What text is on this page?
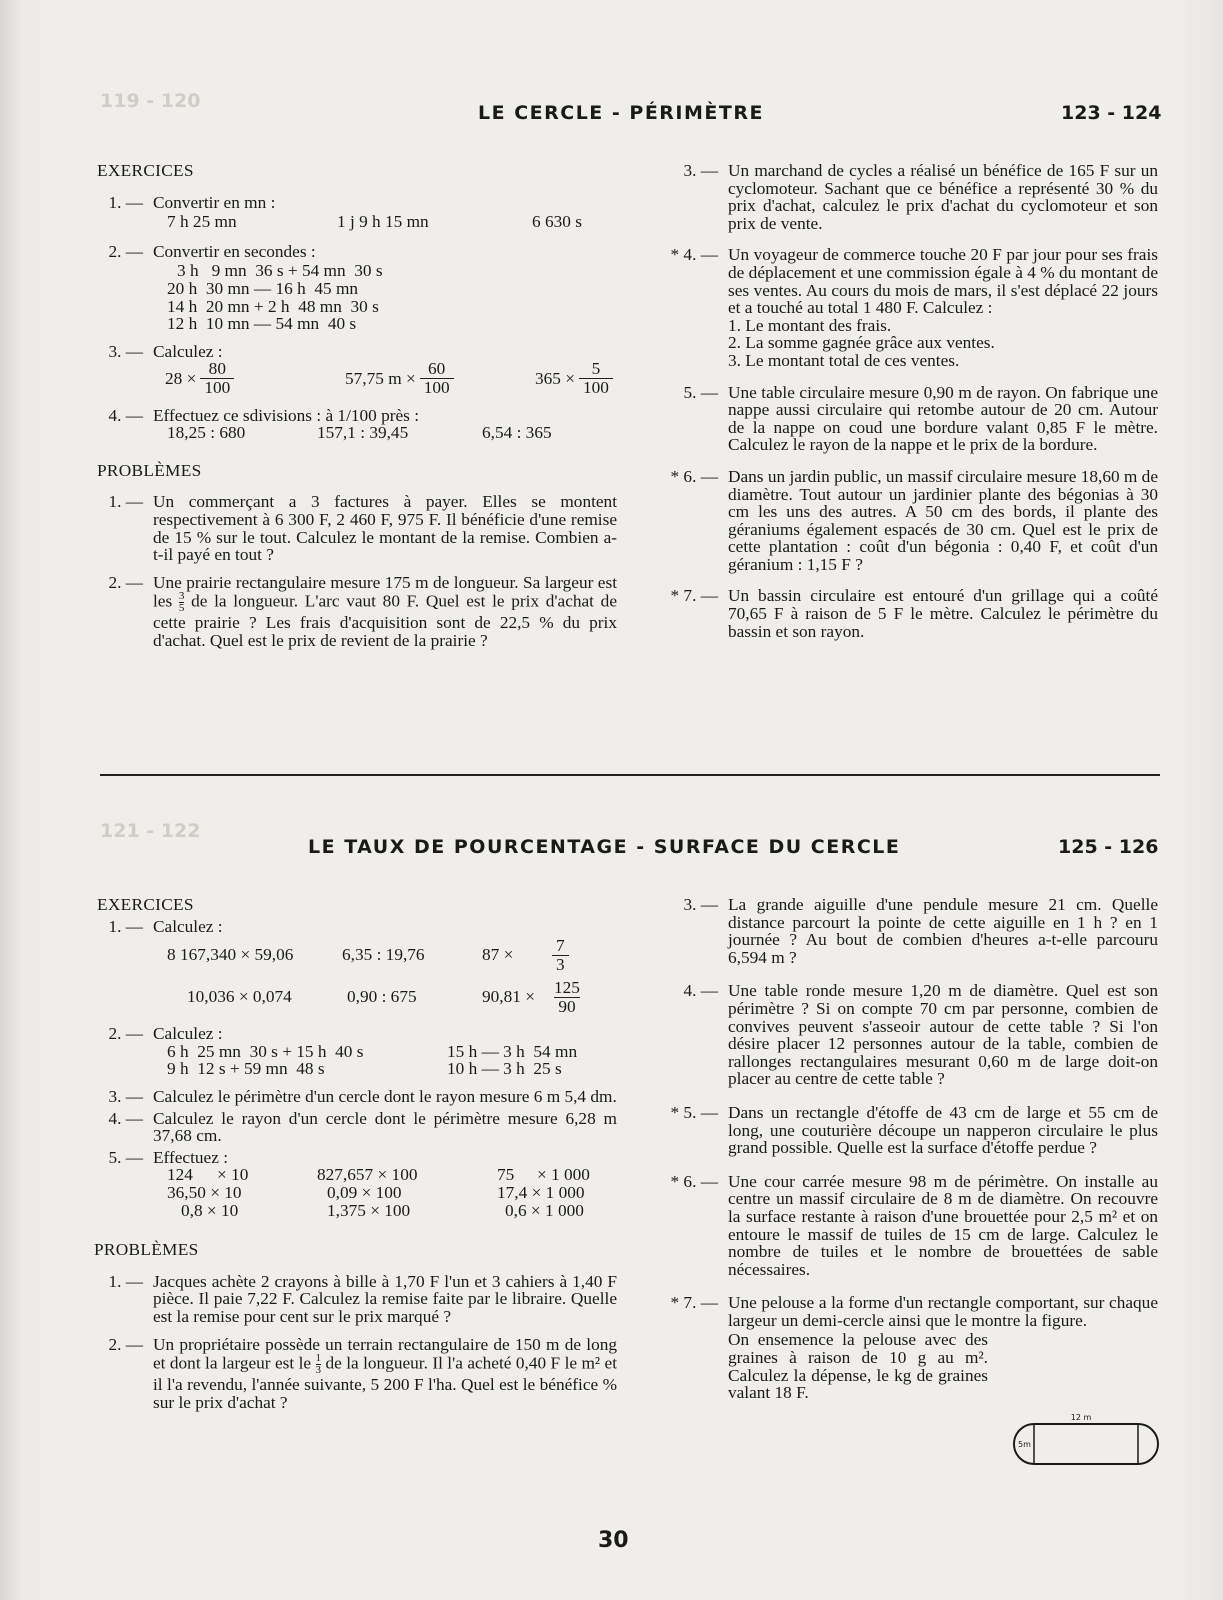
119 - 120
121 - 122
LE CERCLE - PÉRIMÈTRE	123 - 124
EXERCICES
1. — Convertir en mn :
7 h 25 mn	1 j 9 h 15 mn	6 630 s
2. — Convertir en secondes :
3 h   9 mn  36 s + 54 mn  30 s
20 h  30 mn — 16 h  45 mn
14 h  20 mn + 2 h  48 mn  30 s
12 h  10 mn — 54 mn  40 s
3. — Calculez :
$28 \times \frac{80}{100}$	57,75 $m \times \frac{60}{100}$	$365 \times \frac{5}{100}$
4. — Effectuez ce sdivisions : à 1/100 près :
18,25 : 680	157,1 : 39,45	6,54 : 365
PROBLÈMES
1. — Un commerçant a 3 factures à payer. Elles se montent respectivement à 6 300 F, 2 460 F, 975 F. Il bénéficie d'une remise de 15 % sur le tout. Calculez le montant de la remise. Combien a-t-il payé en tout ?
2. — Une prairie rectangulaire mesure 175 m de longueur. Sa largeur est les $\frac{3}{5}$ de la longueur. L'arc vaut 80 F. Quel est le prix d'achat de cette prairie ? Les frais d'acquisition sont de 22,5 % du prix d'achat. Quel est le prix de revient de la prairie ?
3. — Un marchand de cycles a réalisé un bénéfice de 165 F sur un cyclomoteur. Sachant que ce bénéfice a représenté 30 % du prix d'achat, calculez le prix d'achat du cyclomoteur et son prix de vente.
* 4. — Un voyageur de commerce touche 20 F par jour pour ses frais de déplacement et une commission égale à 4 % du montant de ses ventes. Au cours du mois de mars, il s'est déplacé 22 jours et a touché au total 1 480 F. Calculez :
1. Le montant des frais.
2. La somme gagnée grâce aux ventes.
3. Le montant total de ces ventes.
5. — Une table circulaire mesure 0,90 m de rayon. On fabrique une nappe aussi circulaire qui retombe autour de 20 cm. Autour de la nappe on coud une bordure valant 0,85 F le mètre. Calculez le rayon de la nappe et le prix de la bordure.
* 6. — Dans un jardin public, un massif circulaire mesure 18,60 m de diamètre. Tout autour un jardinier plante des bégonias à 30 cm les uns des autres. A 50 cm des bords, il plante des géraniums également espacés de 30 cm. Quel est le prix de cette plantation : coût d'un bégonia : 0,40 F, et coût d'un géranium : 1,15 F ?
* 7. — Un bassin circulaire est entouré d'un grillage qui a coûté 70,65 F à raison de 5 F le mètre. Calculez le périmètre du bassin et son rayon.
LE TAUX DE POURCENTAGE - SURFACE DU CERCLE	125 - 126
EXERCICES
1. — Calculez :
8 167,340 × 59,06	6,35 : 19,76	87 ×	$\frac{7}{3}$
10,036 × 0,074	0,90 : 675	$90,81 \times \frac{125}{90}$
2. — Calculez :
6 h  25 mn  30 s + 15 h  40 s	15 h — 3 h  54 mn
9 h  12 s + 59 mn  48 s	10 h — 3 h  25 s
3. — Calculez le périmètre d'un cercle dont le rayon mesure 6 m 5,4 dm.
4. — Calculez le rayon d'un cercle dont le périmètre mesure 6,28 m 37,68 cm.
5. — Effectuez :
124	× 10	827,657 × 100	75	× 1 000
36,50 × 10	0,09 × 100	17,4 × 1 000
0,8 × 10	1,375 × 100	0,6 × 1 000
PROBLÈMES
1. — Jacques achète 2 crayons à bille à 1,70 F l'un et 3 cahiers à 1,40 F pièce. Il paie 7,22 F. Calculez la remise faite par le libraire. Quelle est la remise pour cent sur le prix marqué ?
2. — Un propriétaire possède un terrain rectangulaire de 150 m de long et dont la largeur est le $\frac{1}{3}$ de la longueur. Il l'a acheté 0,40 F le m² et il l'a revendu, l'année suivante, 5 200 F l'ha. Quel est le bénéfice % sur le prix d'achat ?
3. — La grande aiguille d'une pendule mesure 21 cm. Quelle distance parcourt la pointe de cette aiguille en 1 h ? en 1 journée ? Au bout de combien d'heures a-t-elle parcouru 6,594 m ?
4. — Une table ronde mesure 1,20 m de diamètre. Quel est son périmètre ? Si on compte 70 cm par personne, combien de convives peuvent s'asseoir autour de cette table ? Si l'on désire placer 12 personnes autour de la table, combien de rallonges rectangulaires mesurant 0,60 m de large doit-on placer au centre de cette table ?
* 5. — Dans un rectangle d'étoffe de 43 cm de large et 55 cm de long, une couturière découpe un napperon circulaire le plus grand possible. Quelle est la surface d'étoffe perdue ?
* 6. — Une cour carrée mesure 98 m de périmètre. On installe au centre un massif circulaire de 8 m de diamètre. On recouvre la surface restante à raison d'une brouettée pour 2,5 m² et on entoure le massif de tuiles de 15 cm de large. Calculez le nombre de tuiles et le nombre de brouettées de sable nécessaires.
* 7. — Une pelouse a la forme d'un rectangle comportant, sur chaque largeur un demi-cercle ainsi que le montre la figure.
On ensemence la pelouse avec des graines à raison de 10 g au m². Calculez la dépense, le kg de graines valant 18 F.
12 m
5m
30
